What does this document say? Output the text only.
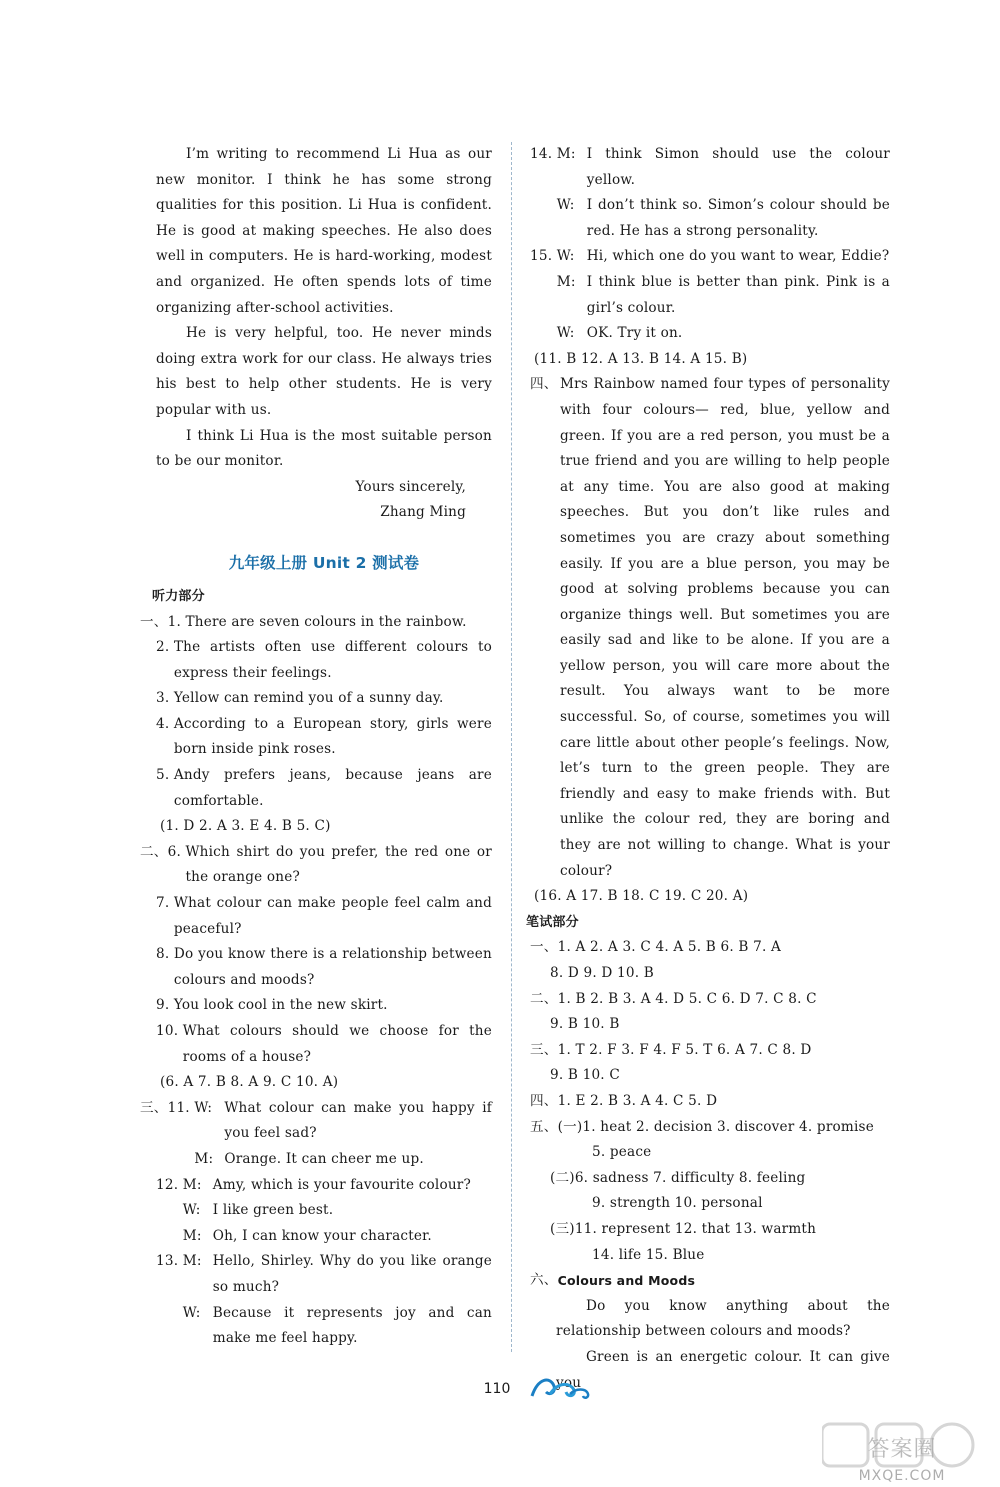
I’m writing to recommend Li Hua as our new monitor. I think he has some strong qualities for this position. Li Hua is confident. He is good at making speeches. He also does well in computers. He is hard-working, modest and organized. He often spends lots of time organizing after-school activities.

He is very helpful, too. He never minds doing extra work for our class. He always tries his best to help other students. He is very popular with us.

I think Li Hua is the most suitable person to be our monitor.

Yours sincerely,

Zhang Ming

九年级上册 Unit 2 测试卷
听力部分
一、 1. There are seven colours in the rainbow.
2. The artists often use different colours to express their feelings.
3. Yellow can remind you of a sunny day.
4. According to a European story, girls were born inside pink roses.
5. Andy prefers jeans, because jeans are comfortable.

(1. D 2. A 3. E 4. B 5. C)

二、 6. Which shirt do you prefer, the red one or the orange one?
7. What colour can make people feel calm and peaceful?
8. Do you know there is a relationship between colours and moods?
9. You look cool in the new skirt.
10. What colours should we choose for the rooms of a house?

(6. A 7. B 8. A 9. C 10. A)

三、 11. W: What colour can make you happy if you feel sad?
M: Orange. It can cheer me up.
12. M: Amy, which is your favourite colour?
W: I like green best.
M: Oh, I can know your character.
13. M: Hello, Shirley. Why do you like orange so much?
W: Because it represents joy and can make me feel happy.
14. M: I think Simon should use the colour yellow.
W: I don’t think so. Simon’s colour should be red. He has a strong personality.
15. W: Hi, which one do you want to wear, Eddie?
M: I think blue is better than pink. Pink is a girl’s colour.
W: OK. Try it on.

(11. B 12. A 13. B 14. A 15. B)

四、 Mrs Rainbow named four types of personality with four colours— red, blue, yellow and green. If you are a red person, you must be a true friend and you are willing to help people at any time. You are also good at making speeches. But you don’t like rules and sometimes you are crazy about something easily. If you are a blue person, you may be good at solving problems because you can organize things well. But sometimes you are easily sad and like to be alone. If you are a yellow person, you will care more about the result. You always want to be more successful. So, of course, sometimes you will care little about other people’s feelings. Now, let’s turn to the green people. They are friendly and easy to make friends with. But unlike the colour red, they are boring and they are not willing to change. What is your colour?

(16. A 17. B 18. C 19. C 20. A)

笔试部分
一、 1. A 2. A 3. C 4. A 5. B 6. B 7. A

8. D 9. D 10. B

二、 1. B 2. B 3. A 4. D 5. C 6. D 7. C 8. C

9. B 10. B

三、 1. T 2. F 3. F 4. F 5. T 6. A 7. C 8. D

9. B 10. C

四、 1. E 2. B 3. A 4. C 5. D
五、 (一) 1. heat 2. decision 3. discover 4. promise

5. peace

(二) 6. sadness 7. difficulty 8. feeling

9. strength 10. personal

(三) 11. represent 12. that 13. warmth

14. life 15. Blue

六、 Colours and Moods

Do you know anything about the relationship between colours and moods?

Green is an energetic colour. It can give you

110
答案圈
MXQE.COM
